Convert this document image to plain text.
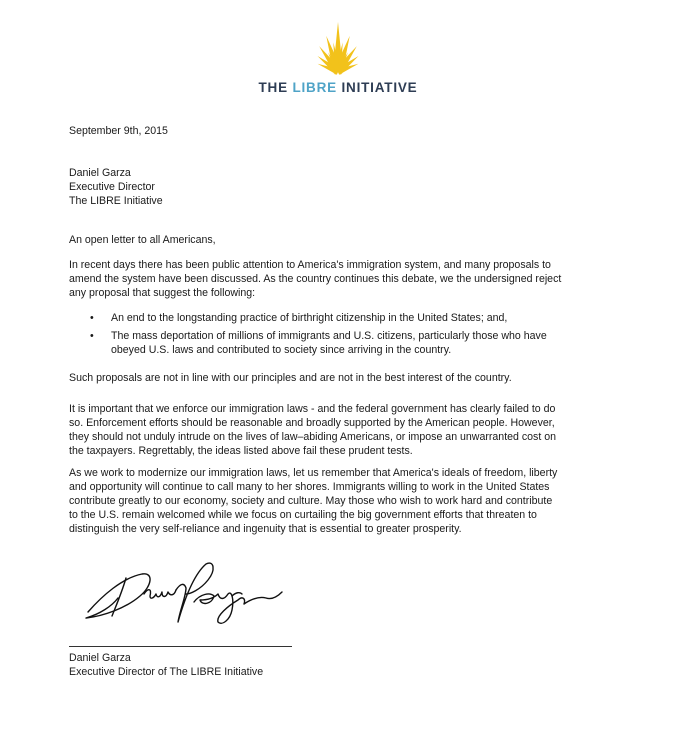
THE LIBRE INITIATIVE

September 9th, 2015

Daniel Garza

Executive Director

The LIBRE Initiative

An open letter to all Americans,

In recent days there has been public attention to America's immigration system, and many proposals to

amend the system have been discussed. As the country continues this debate, we the undersigned reject

any proposal that suggest the following:

• An end to the longstanding practice of birthright citizenship in the United States; and,
• The mass deportation of millions of immigrants and U.S. citizens, particularly those who have
obeyed U.S. laws and contributed to society since arriving in the country.

Such proposals are not in line with our principles and are not in the best interest of the country.

It is important that we enforce our immigration laws - and the federal government has clearly failed to do

so. Enforcement efforts should be reasonable and broadly supported by the American people. However,

they should not unduly intrude on the lives of law–abiding Americans, or impose an unwarranted cost on

the taxpayers. Regrettably, the ideas listed above fail these prudent tests.

As we work to modernize our immigration laws, let us remember that America's ideals of freedom, liberty

and opportunity will continue to call many to her shores. Immigrants willing to work in the United States

contribute greatly to our economy, society and culture. May those who wish to work hard and contribute

to the U.S. remain welcomed while we focus on curtailing the big government efforts that threaten to

distinguish the very self-reliance and ingenuity that is essential to greater prosperity.

Daniel Garza

Daniel Garza

Executive Director of The LIBRE Initiative
